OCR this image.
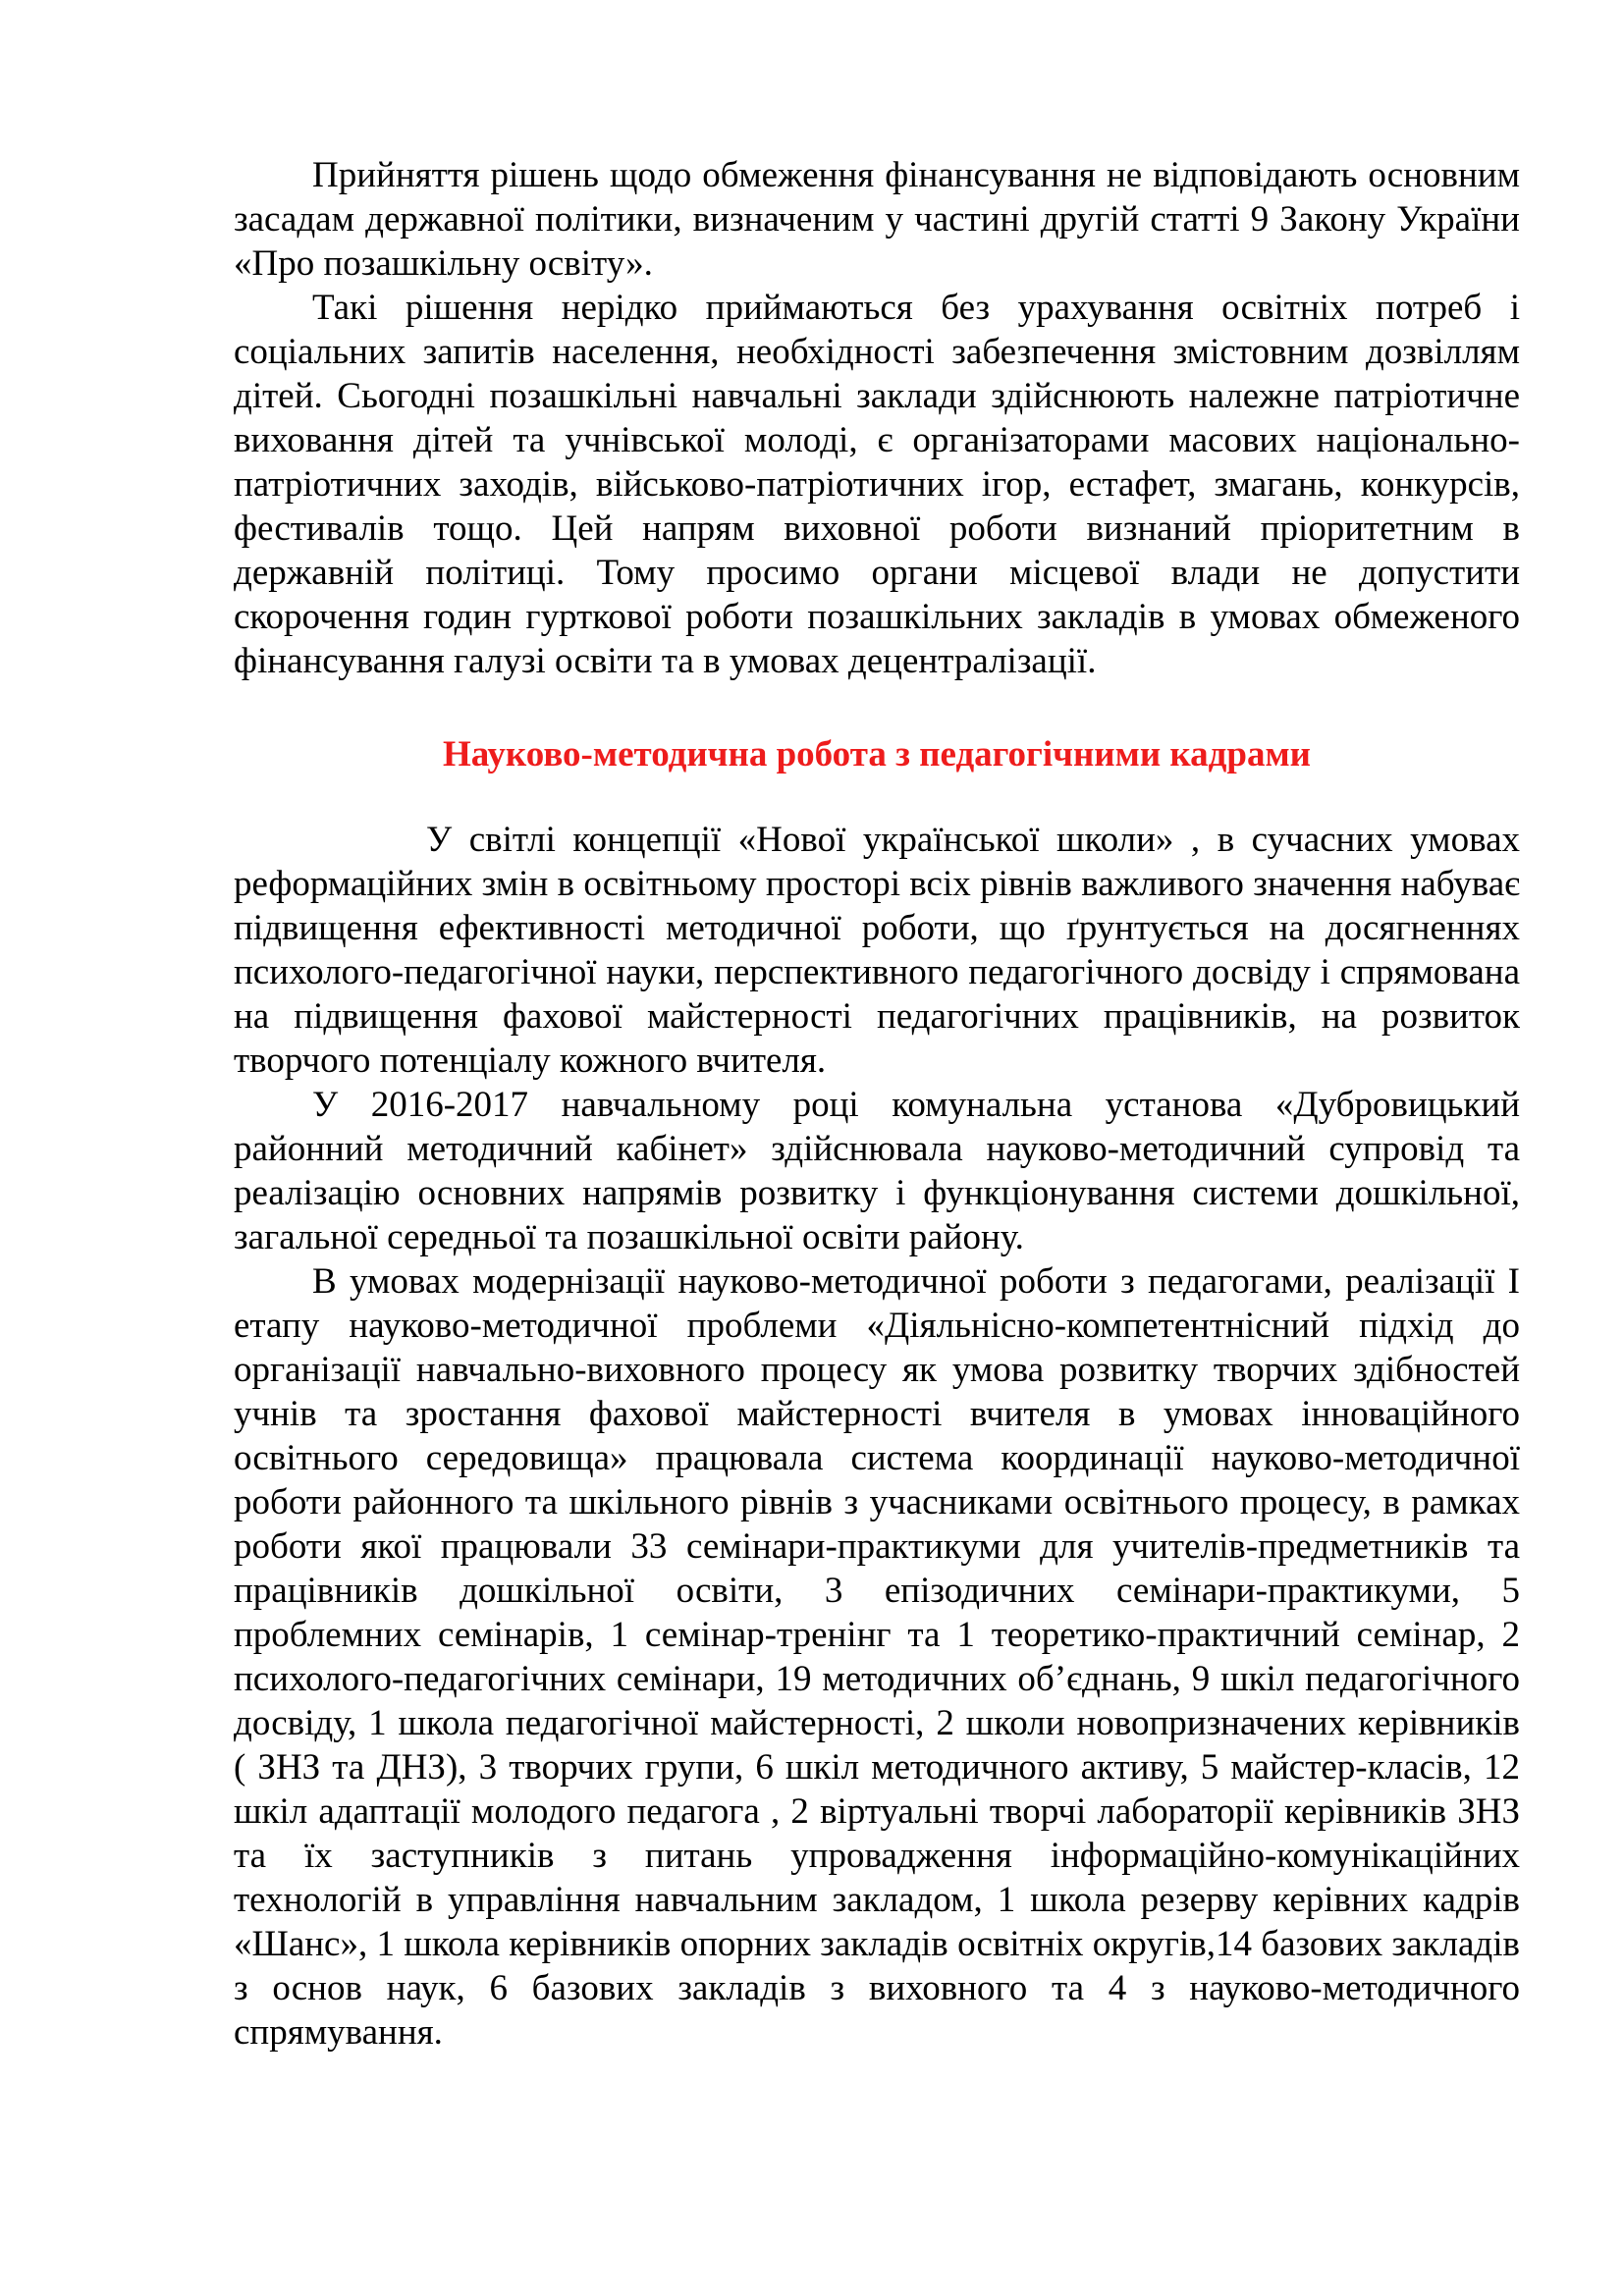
Прийняття рішень щодо обмеження фінансування не відповідають основним засадам державної політики, визначеним у частині другій статті 9 Закону України «Про позашкільну освіту».

Такі рішення нерідко приймаються без урахування освітніх потреб і соціальних запитів населення, необхідності забезпечення змістовним дозвіллям дітей. Сьогодні позашкільні навчальні заклади здійснюють належне патріотичне виховання дітей та учнівської молоді, є організаторами масових національно-патріотичних заходів, військово-патріотичних ігор, естафет, змагань, конкурсів, фестивалів тощо. Цей напрям виховної роботи визнаний пріоритетним в державній політиці. Тому просимо органи місцевої влади не допустити скорочення годин гурткової роботи позашкільних закладів в умовах обмеженого фінансування галузі освіти та в умовах децентралізації.

Науково-методична робота з педагогічними кадрами

У світлі концепції «Нової української школи» , в сучасних умовах реформаційних змін в освітньому просторі всіх рівнів важливого значення набуває підвищення ефективності методичної роботи, що ґрунтується на досягненнях психолого-педагогічної науки, перспективного педагогічного досвіду і спрямована на підвищення фахової майстерності педагогічних працівників, на розвиток творчого потенціалу кожного вчителя.

У 2016-2017 навчальному році комунальна установа «Дубровицький районний методичний кабінет» здійснювала науково-методичний супровід та реалізацію основних напрямів розвитку і функціонування системи дошкільної, загальної середньої та позашкільної освіти району.

В умовах модернізації науково-методичної роботи з педагогами, реалізації І етапу науково-методичної проблеми «Діяльнісно-компетентнісний підхід до організації навчально-виховного процесу як умова розвитку творчих здібностей учнів та зростання фахової майстерності вчителя в умовах інноваційного освітнього середовища» працювала система координації науково-методичної роботи районного та шкільного рівнів з учасниками освітнього процесу, в рамках роботи якої працювали 33 семінари-практикуми для учителів-предметників та працівників дошкільної освіти, 3 епізодичних семінари-практикуми, 5 проблемних семінарів, 1 семінар-тренінг та 1 теоретико-практичний семінар, 2 психолого-педагогічних семінари, 19 методичних об’єднань, 9 шкіл педагогічного досвіду, 1 школа педагогічної майстерності, 2 школи новопризначених керівників ( ЗНЗ та ДНЗ), 3 творчих групи, 6 шкіл методичного активу, 5 майстер-класів, 12 шкіл адаптації молодого педагога , 2 віртуальні творчі лабораторії керівників ЗНЗ та їх заступників з питань упровадження інформаційно-комунікаційних технологій в управління навчальним закладом, 1 школа резерву керівних кадрів «Шанс», 1 школа керівників опорних закладів освітніх округів,14 базових закладів з основ наук, 6 базових закладів з виховного та 4 з науково-методичного спрямування.
